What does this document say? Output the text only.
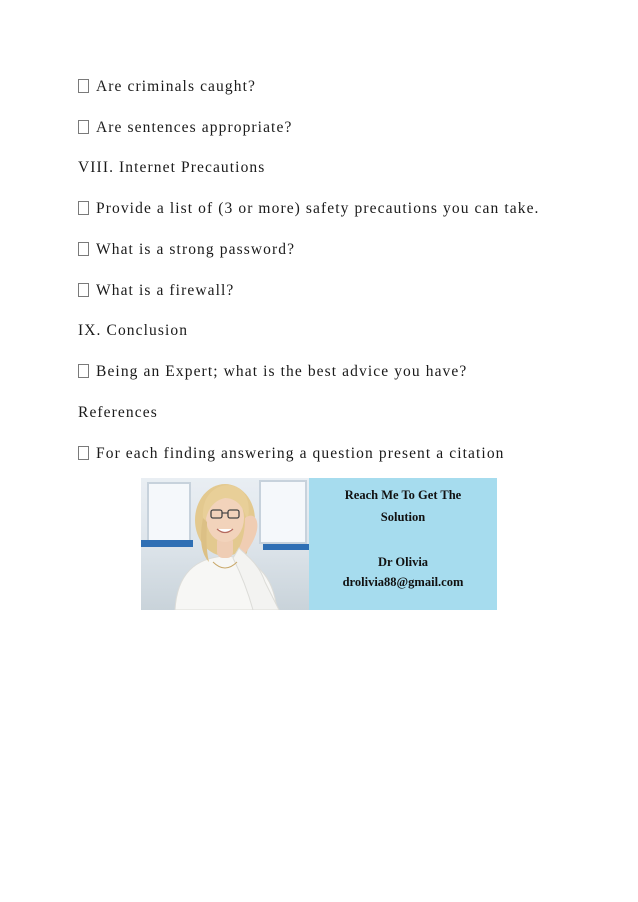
Are criminals caught?
Are sentences appropriate?
VIII. Internet Precautions
Provide a list of (3 or more) safety precautions you can take.
What is a strong password?
What is a firewall?
IX. Conclusion
Being an Expert; what is the best advice you have?
References
For each finding answering a question present a citation
Reach Me To Get The
Solution
Dr Olivia
drolivia88@gmail.com
